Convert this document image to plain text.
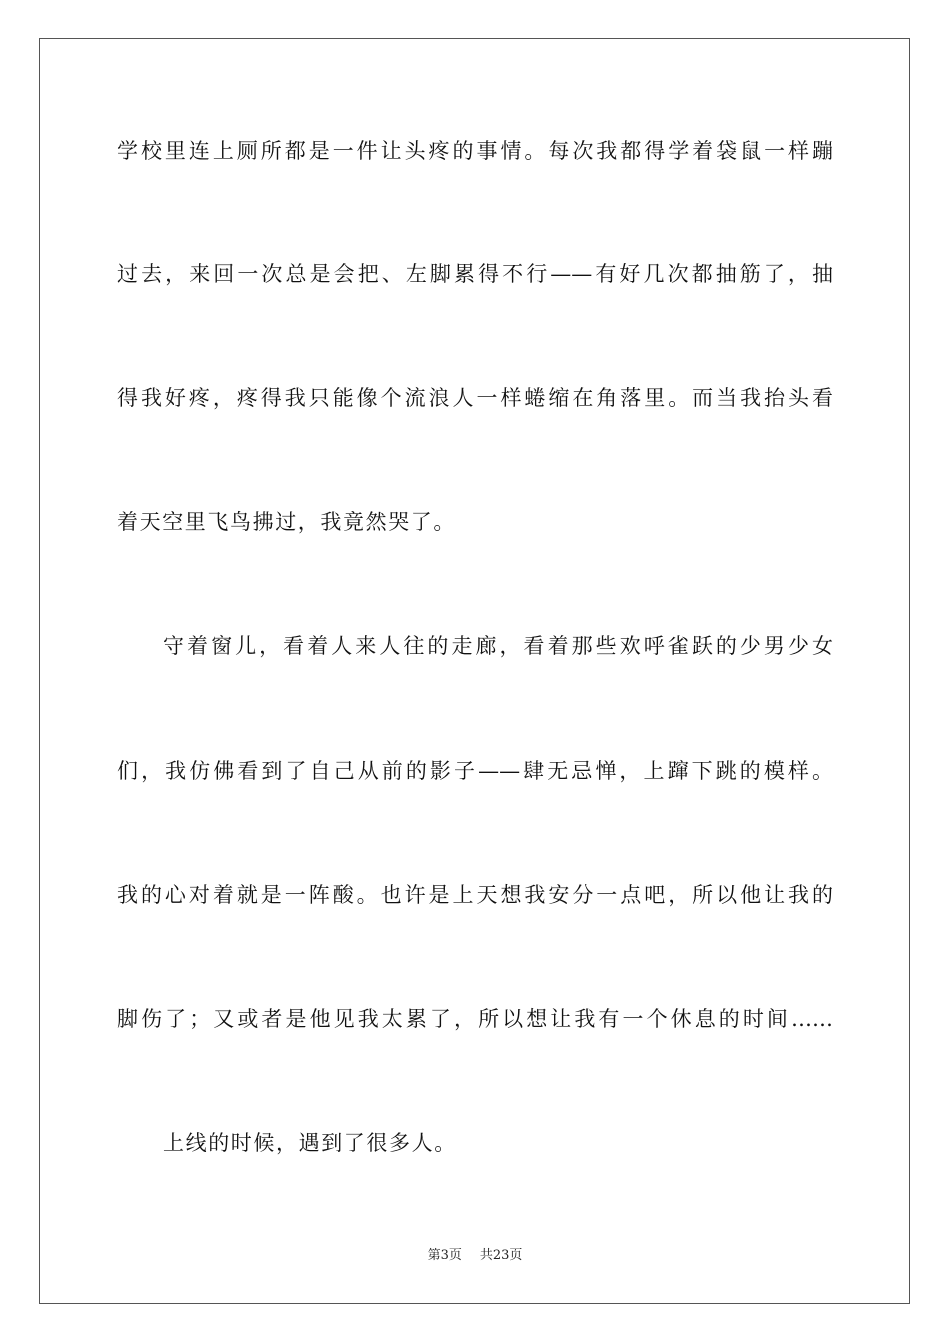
学校里连上厕所都是一件让头疼的事情。每次我都得学着袋鼠一样蹦
过去，来回一次总是会把、左脚累得不行——有好几次都抽筋了，抽
得我好疼，疼得我只能像个流浪人一样蜷缩在角落里。而当我抬头看
着天空里飞鸟拂过，我竟然哭了。
守着窗儿，看着人来人往的走廊，看着那些欢呼雀跃的少男少女
们，我仿佛看到了自己从前的影子——肆无忌惮，上蹿下跳的模样。
我的心对着就是一阵酸。也许是上天想我安分一点吧，所以他让我的
脚伤了；又或者是他见我太累了，所以想让我有一个休息的时间……
上线的时候，遇到了很多人。
第3页 共23页
